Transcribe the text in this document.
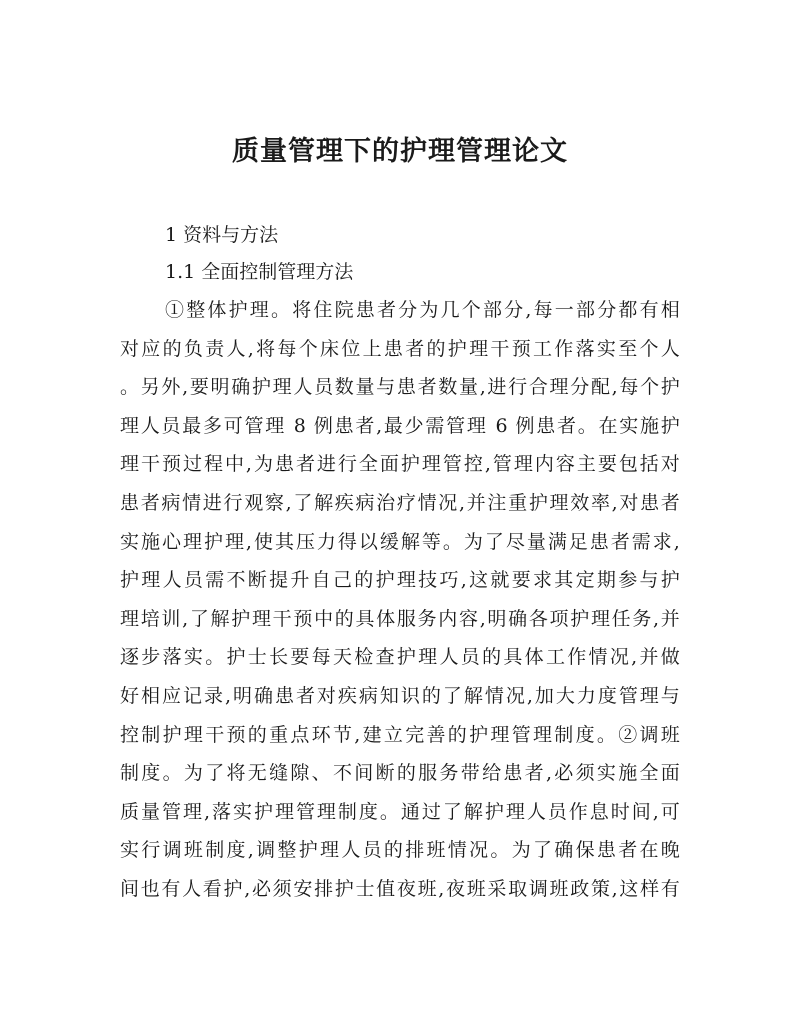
质量管理下的护理管理论文
1 资料与方法
1.1 全面控制管理方法
①整体护理。将住院患者分为几个部分,每一部分都有相
对应的负责人,将每个床位上患者的护理干预工作落实至个人
。另外,要明确护理人员数量与患者数量,进行合理分配,每个护
理人员最多可管理 8 例患者,最少需管理 6 例患者。在实施护
理干预过程中,为患者进行全面护理管控,管理内容主要包括对
患者病情进行观察,了解疾病治疗情况,并注重护理效率,对患者
实施心理护理,使其压力得以缓解等。为了尽量满足患者需求,
护理人员需不断提升自己的护理技巧,这就要求其定期参与护
理培训,了解护理干预中的具体服务内容,明确各项护理任务,并
逐步落实。护士长要每天检查护理人员的具体工作情况,并做
好相应记录,明确患者对疾病知识的了解情况,加大力度管理与
控制护理干预的重点环节,建立完善的护理管理制度。②调班
制度。为了将无缝隙、不间断的服务带给患者,必须实施全面
质量管理,落实护理管理制度。通过了解护理人员作息时间,可
实行调班制度,调整护理人员的排班情况。为了确保患者在晚
间也有人看护,必须安排护士值夜班,夜班采取调班政策,这样有
